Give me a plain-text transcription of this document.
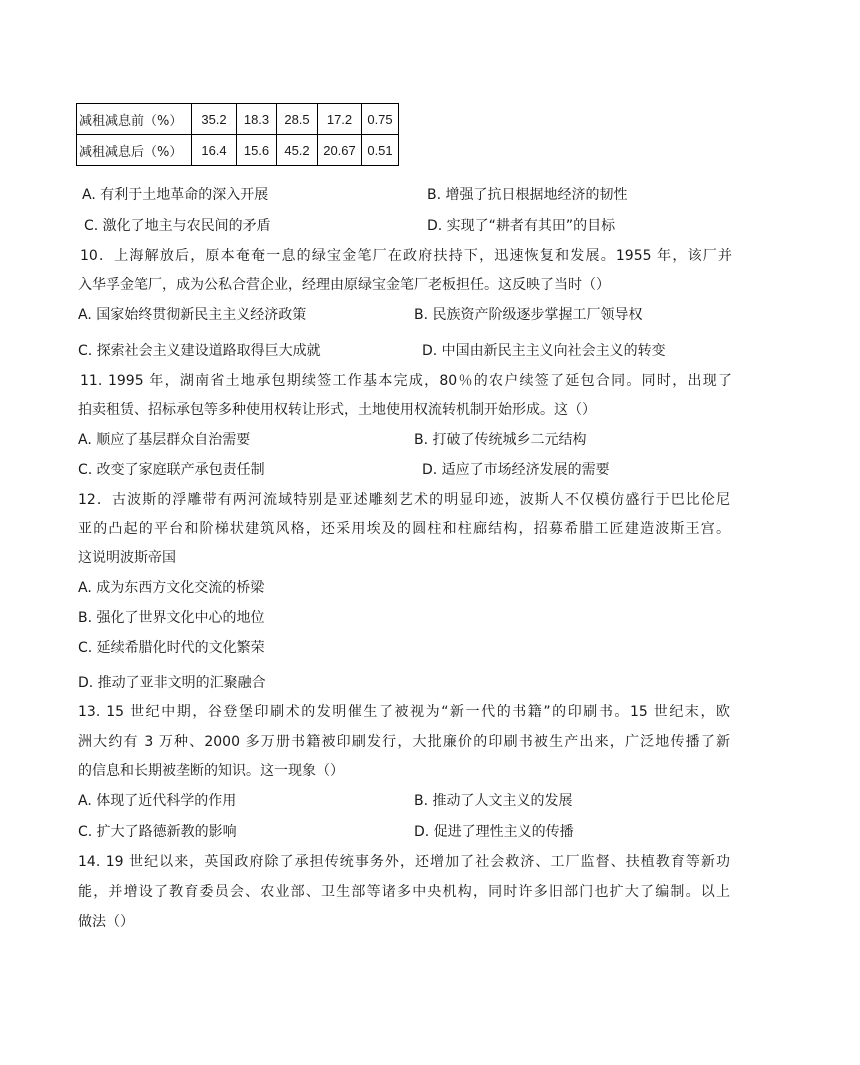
减租减息前（%）	35.2	18.3	28.5	17.2	0.75
减租减息后（%）	16.4	15.6	45.2	20.67	0.51
A. 有利于土地革命的深入开展	B. 增强了抗日根据地经济的韧性
C. 激化了地主与农民间的矛盾	D. 实现了“耕者有其田”的目标
10．上海解放后，原本奄奄一息的绿宝金笔厂在政府扶持下，迅速恢复和发展。1955 年，该厂并
入华孚金笔厂，成为公私合营企业，经理由原绿宝金笔厂老板担任。这反映了当时（）
A. 国家始终贯彻新民主主义经济政策	B. 民族资产阶级逐步掌握工厂领导权
C. 探索社会主义建设道路取得巨大成就	D. 中国由新民主主义向社会主义的转变
11. 1995 年，湖南省土地承包期续签工作基本完成，80％的农户续签了延包合同。同时，出现了
拍卖租赁、招标承包等多种使用权转让形式，土地使用权流转机制开始形成。这（）
A. 顺应了基层群众自治需要	B. 打破了传统城乡二元结构
C. 改变了家庭联产承包责任制	D. 适应了市场经济发展的需要
12．古波斯的浮雕带有两河流域特别是亚述雕刻艺术的明显印迹，波斯人不仅模仿盛行于巴比伦尼
亚的凸起的平台和阶梯状建筑风格，还采用埃及的圆柱和柱廊结构，招募希腊工匠建造波斯王宫。
这说明波斯帝国
A. 成为东西方文化交流的桥梁
B. 强化了世界文化中心的地位
C. 延续希腊化时代的文化繁荣
D. 推动了亚非文明的汇聚融合
13. 15 世纪中期，谷登堡印刷术的发明催生了被视为“新一代的书籍”的印刷书。15 世纪末，欧
洲大约有 3 万种、2000 多万册书籍被印刷发行，大批廉价的印刷书被生产出来，广泛地传播了新
的信息和长期被垄断的知识。这一现象（）
A. 体现了近代科学的作用	B. 推动了人文主义的发展
C. 扩大了路德新教的影响	D. 促进了理性主义的传播
14. 19 世纪以来，英国政府除了承担传统事务外，还增加了社会救济、工厂监督、扶植教育等新功
能，并增设了教育委员会、农业部、卫生部等诸多中央机构，同时许多旧部门也扩大了编制。以上
做法（）
